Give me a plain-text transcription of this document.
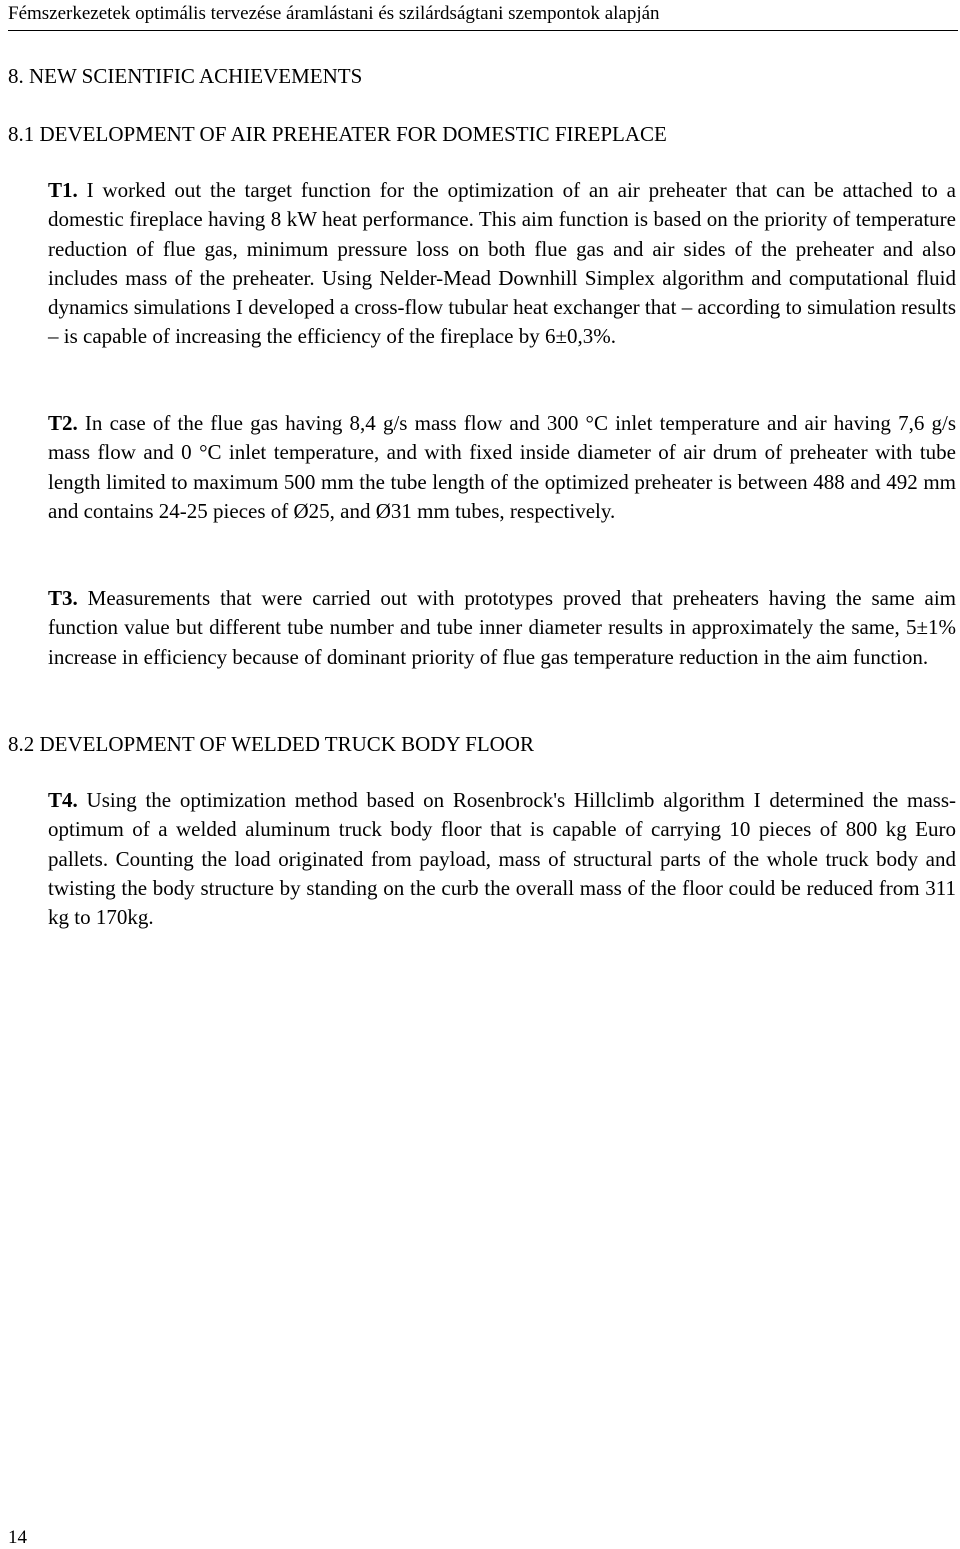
Fémszerkezetek optimális tervezése áramlástani és szilárdságtani szempontok alapján
8. NEW SCIENTIFIC ACHIEVEMENTS
8.1 DEVELOPMENT OF AIR PREHEATER FOR DOMESTIC FIREPLACE

T1. I worked out the target function for the optimization of an air preheater that can be attached to a domestic fireplace having 8 kW heat performance. This aim function is based on the priority of temperature reduction of flue gas, minimum pressure loss on both flue gas and air sides of the preheater and also includes mass of the preheater. Using Nelder-Mead Downhill Simplex algorithm and computational fluid dynamics simulations I developed a cross-flow tubular heat exchanger that – according to simulation results – is capable of increasing the efficiency of the fireplace by 6±0,3%.

T2. In case of the flue gas having 8,4 g/s mass flow and 300 °C inlet temperature and air having 7,6 g/s mass flow and 0 °C inlet temperature, and with fixed inside diameter of air drum of preheater with tube length limited to maximum 500 mm the tube length of the optimized preheater is between 488 and 492 mm and contains 24-25 pieces of Ø25, and Ø31 mm tubes, respectively.

T3. Measurements that were carried out with prototypes proved that preheaters having the same aim function value but different tube number and tube inner diameter results in approximately the same, 5±1% increase in efficiency because of dominant priority of flue gas temperature reduction in the aim function.

8.2 DEVELOPMENT OF WELDED TRUCK BODY FLOOR

T4. Using the optimization method based on Rosenbrock's Hillclimb algorithm I determined the mass-optimum of a welded aluminum truck body floor that is capable of carrying 10 pieces of 800 kg Euro pallets. Counting the load originated from payload, mass of structural parts of the whole truck body and twisting the body structure by standing on the curb the overall mass of the floor could be reduced from 311 kg to 170kg.

14
